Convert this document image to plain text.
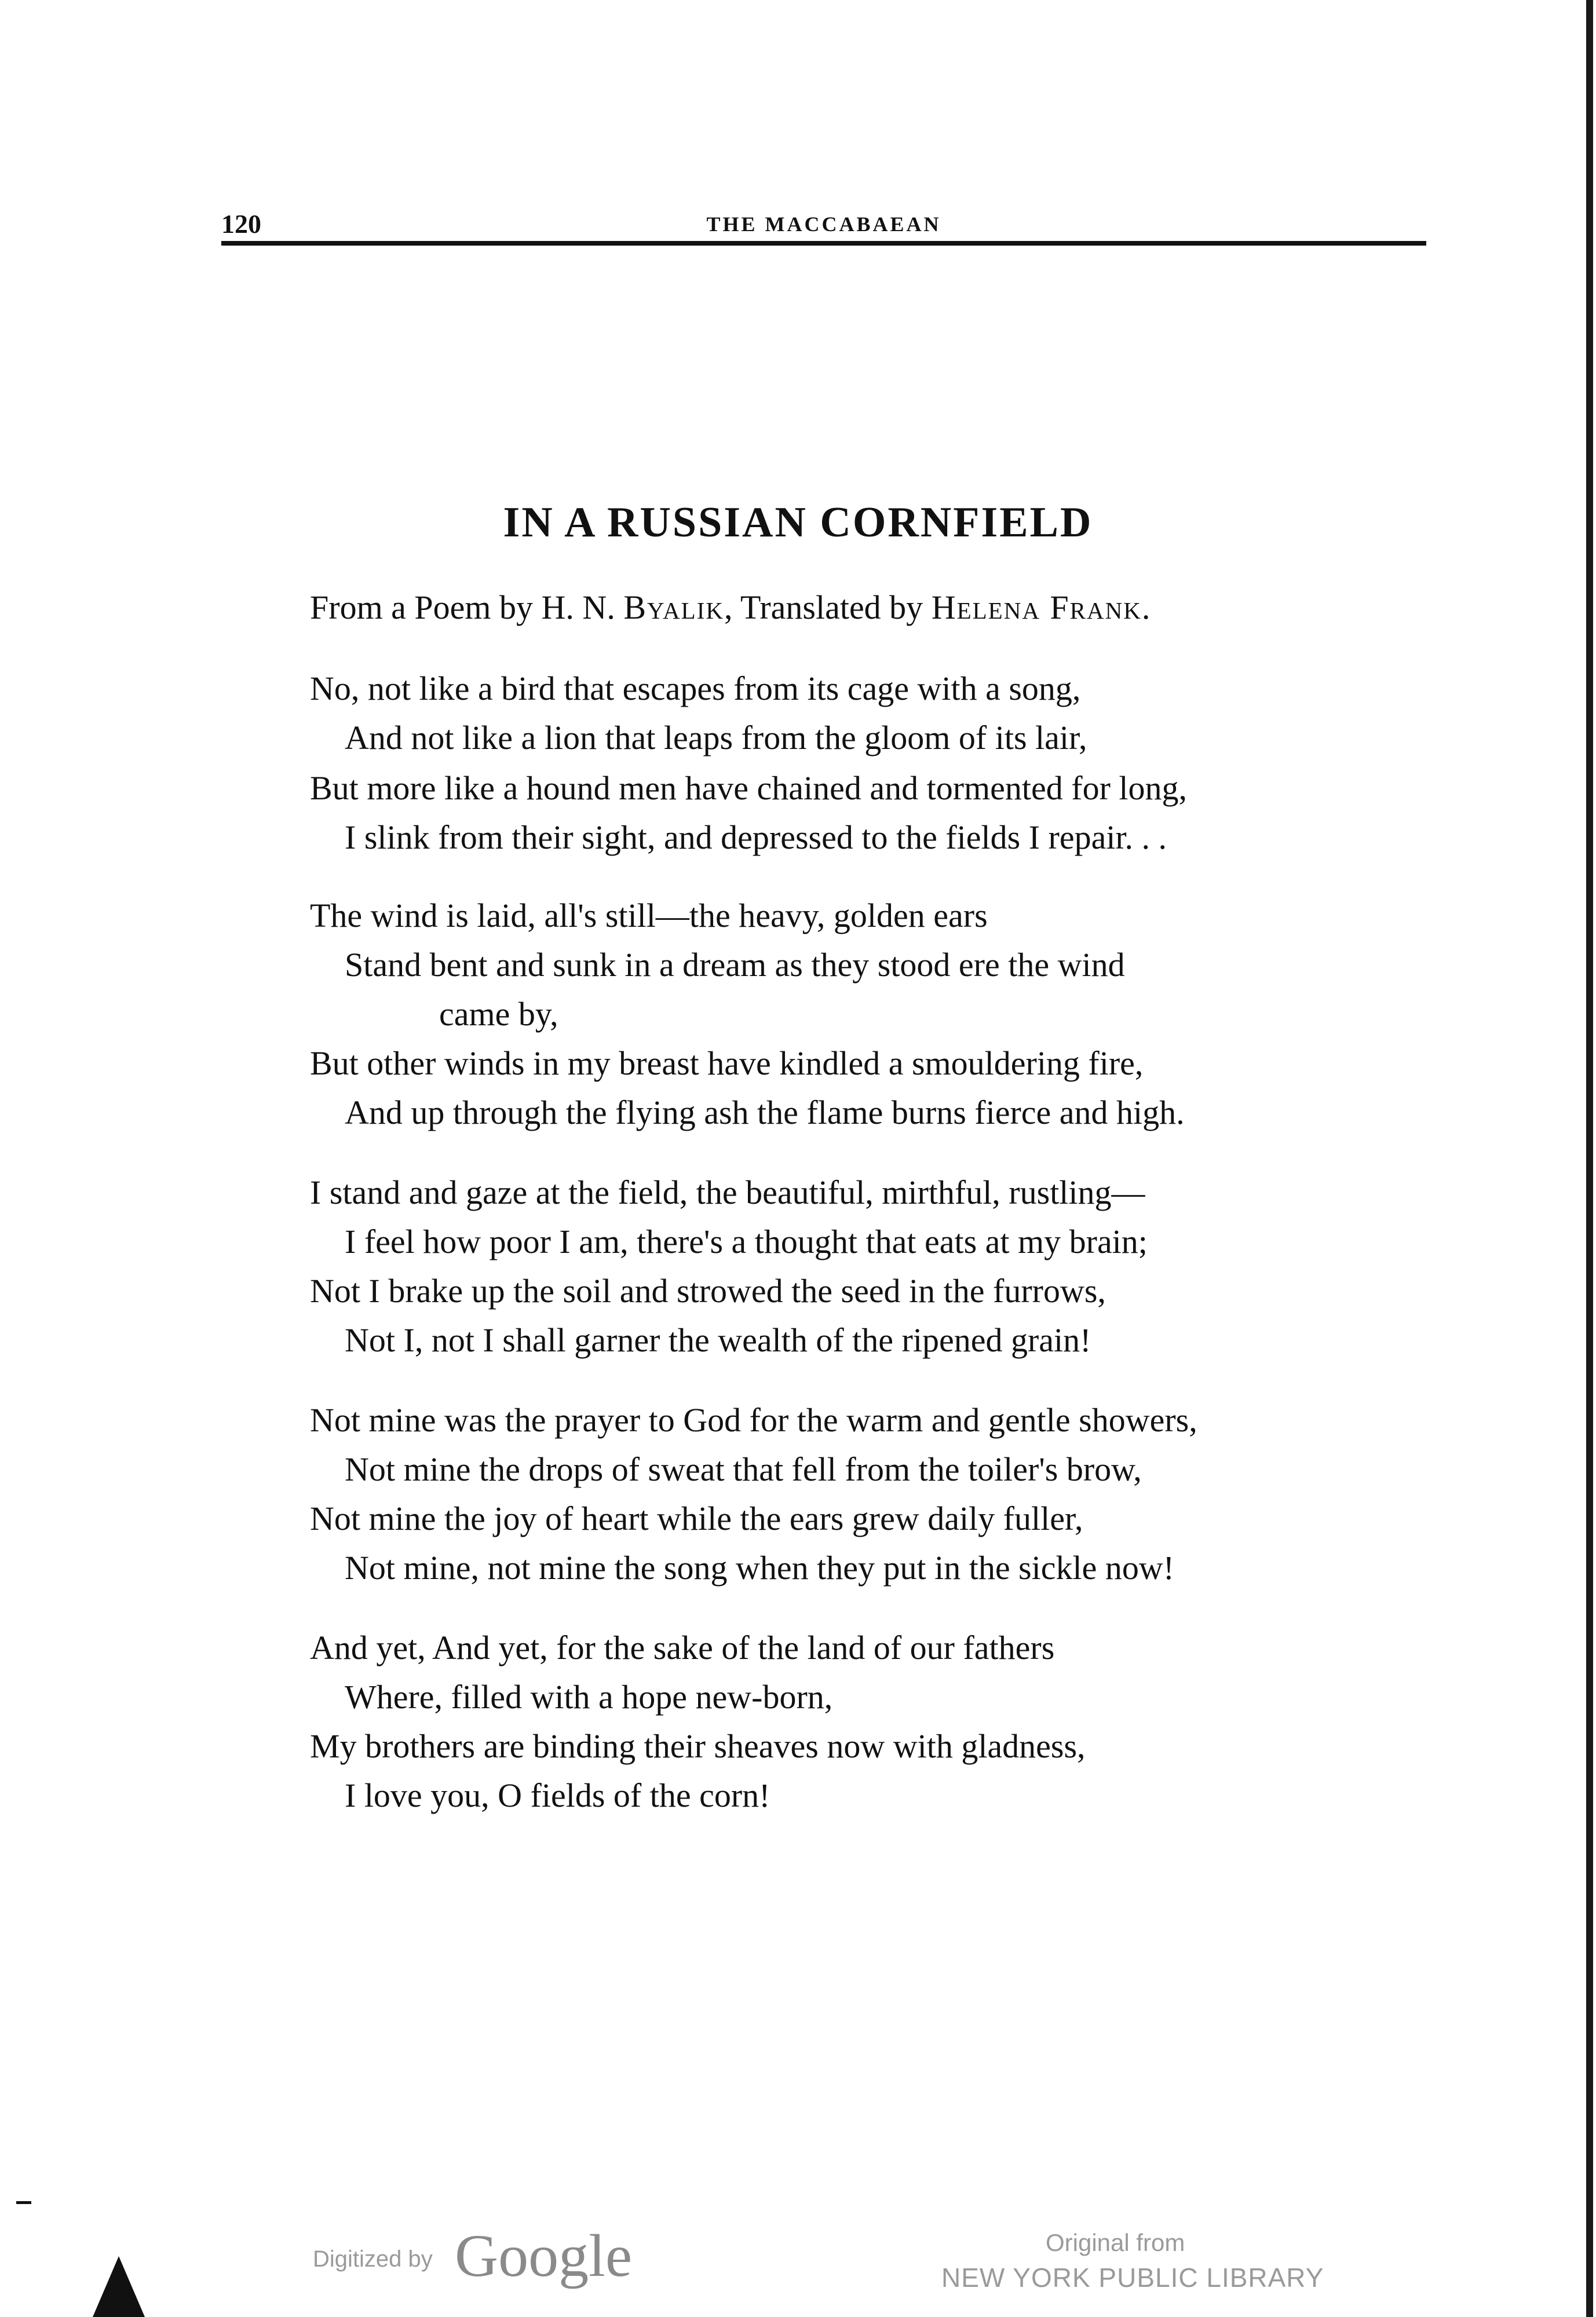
120	THE MACCABAEAN
IN A RUSSIAN CORNFIELD
From a Poem by H. N. Byalik, Translated by Helena Frank.
No, not like a bird that escapes from its cage with a song,
And not like a lion that leaps from the gloom of its lair,
But more like a hound men have chained and tormented for long,
I slink from their sight, and depressed to the fields I repair. . .
The wind is laid, all's still—the heavy, golden ears
Stand bent and sunk in a dream as they stood ere the wind
came by,
But other winds in my breast have kindled a smouldering fire,
And up through the flying ash the flame burns fierce and high.
I stand and gaze at the field, the beautiful, mirthful, rustling—
I feel how poor I am, there's a thought that eats at my brain;
Not I brake up the soil and strowed the seed in the furrows,
Not I, not I shall garner the wealth of the ripened grain!
Not mine was the prayer to God for the warm and gentle showers,
Not mine the drops of sweat that fell from the toiler's brow,
Not mine the joy of heart while the ears grew daily fuller,
Not mine, not mine the song when they put in the sickle now!
And yet, And yet, for the sake of the land of our fathers
Where, filled with a hope new-born,
My brothers are binding their sheaves now with gladness,
I love you, O fields of the corn!
Digitized by Google	Original from
NEW YORK PUBLIC LIBRARY
